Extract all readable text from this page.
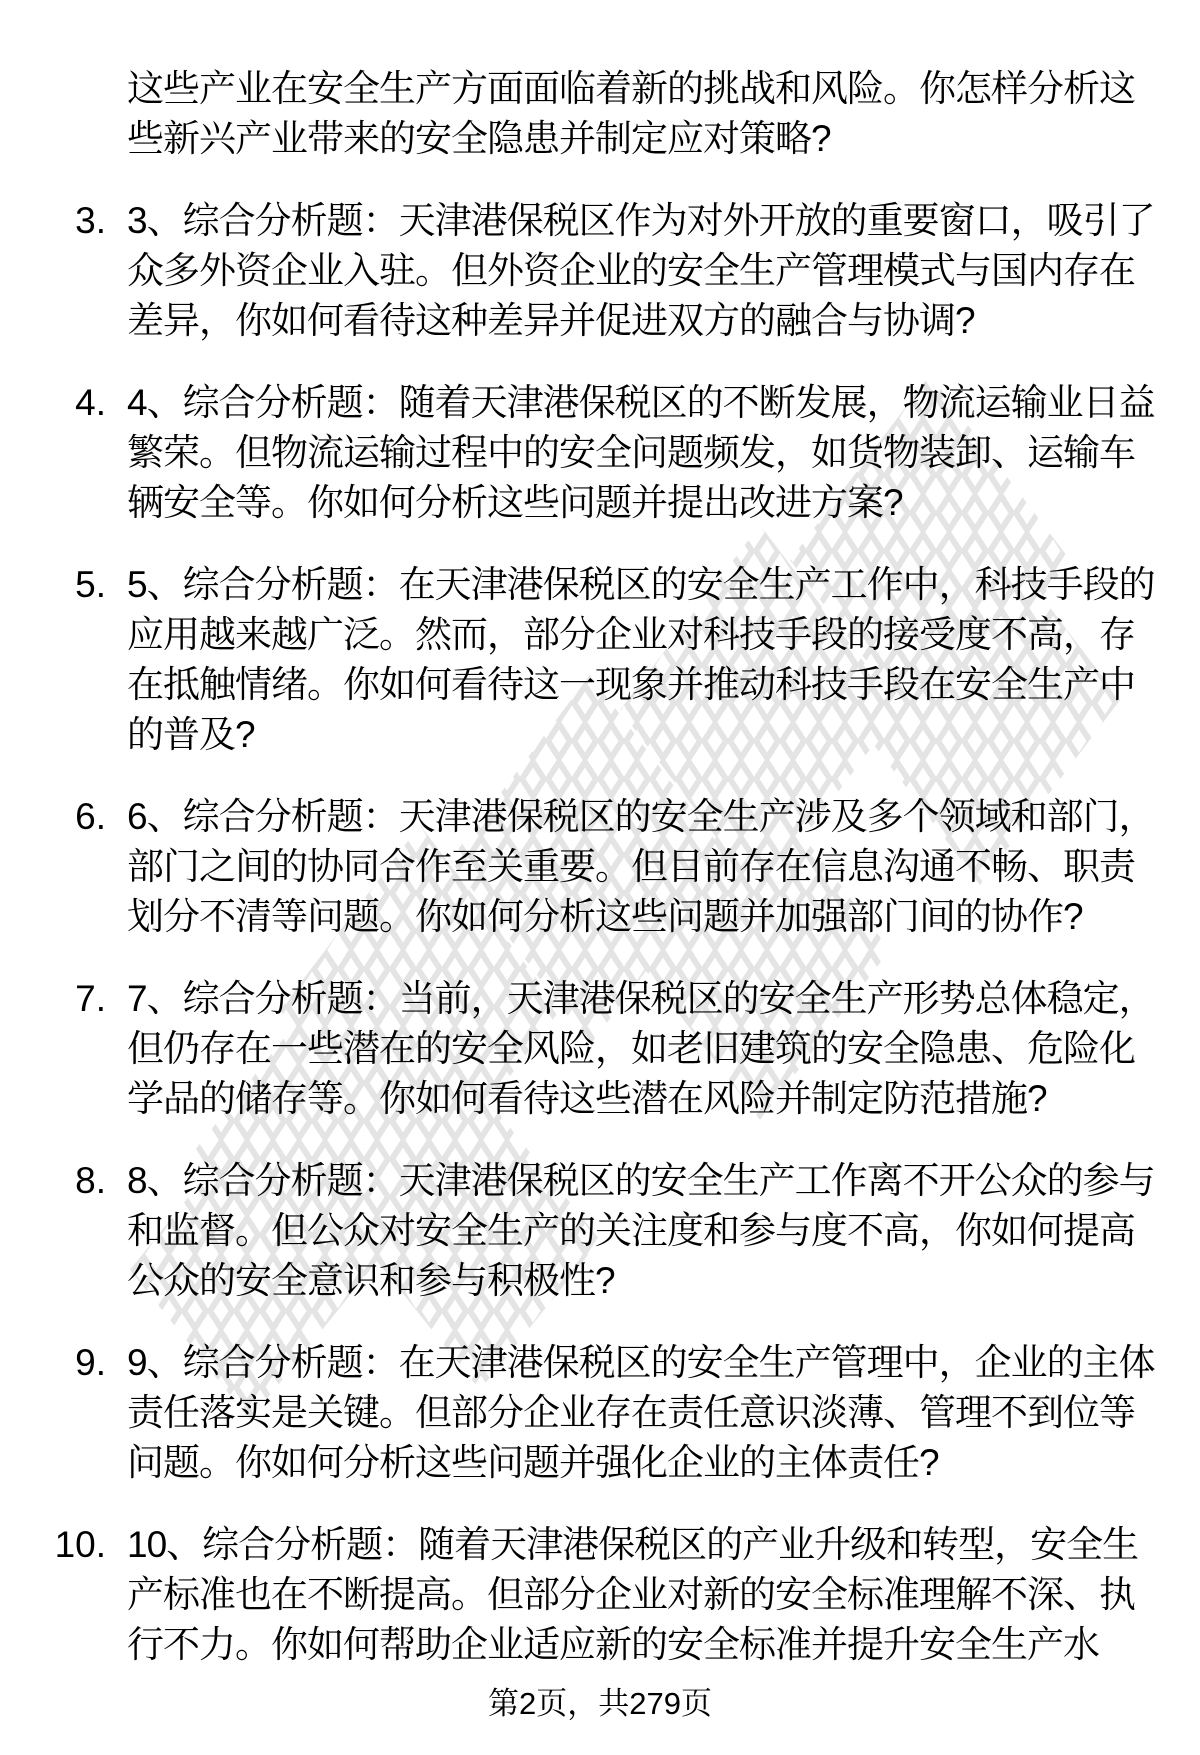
这些产业在安全生产方面面临着新的挑战和风险。你怎样分析这
些新兴产业带来的安全隐患并制定应对策略?
3. 3、综合分析题：天津港保税区作为对外开放的重要窗口，吸引了
众多外资企业入驻。但外资企业的安全生产管理模式与国内存在
差异，你如何看待这种差异并促进双方的融合与协调?
4. 4、综合分析题：随着天津港保税区的不断发展，物流运输业日益
繁荣。但物流运输过程中的安全问题频发，如货物装卸、运输车
辆安全等。你如何分析这些问题并提出改进方案?
5. 5、综合分析题：在天津港保税区的安全生产工作中，科技手段的
应用越来越广泛。然而，部分企业对科技手段的接受度不高，存
在抵触情绪。你如何看待这一现象并推动科技手段在安全生产中
的普及?
6. 6、综合分析题：天津港保税区的安全生产涉及多个领域和部门，
部门之间的协同合作至关重要。但目前存在信息沟通不畅、职责
划分不清等问题。你如何分析这些问题并加强部门间的协作?
7. 7、综合分析题：当前，天津港保税区的安全生产形势总体稳定，
但仍存在一些潜在的安全风险，如老旧建筑的安全隐患、危险化
学品的储存等。你如何看待这些潜在风险并制定防范措施?
8. 8、综合分析题：天津港保税区的安全生产工作离不开公众的参与
和监督。但公众对安全生产的关注度和参与度不高，你如何提高
公众的安全意识和参与积极性?
9. 9、综合分析题：在天津港保税区的安全生产管理中，企业的主体
责任落实是关键。但部分企业存在责任意识淡薄、管理不到位等
问题。你如何分析这些问题并强化企业的主体责任?
10. 10、综合分析题：随着天津港保税区的产业升级和转型，安全生
产标准也在不断提高。但部分企业对新的安全标准理解不深、执
行不力。你如何帮助企业适应新的安全标准并提升安全生产水
第2页，共279页
